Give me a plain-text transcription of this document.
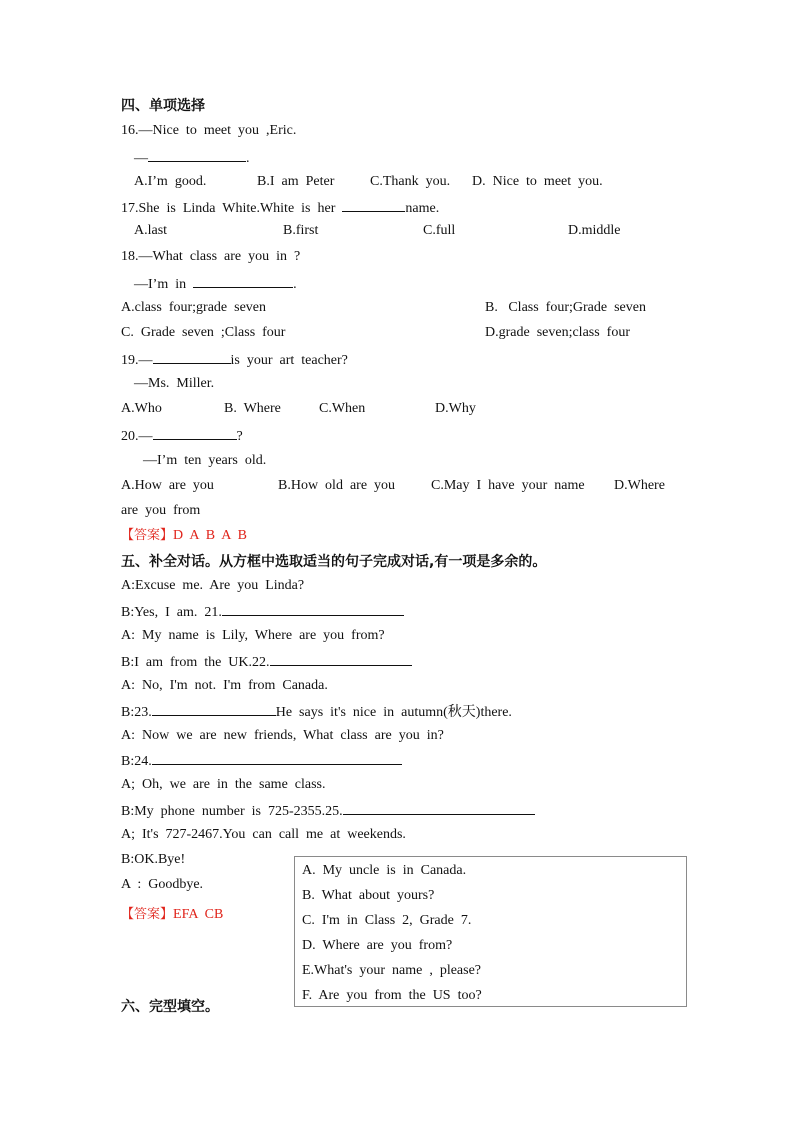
四、单项选择
16.—Nice  to  meet  you  ,Eric.
—	.
A.I’m  good.	B.I  am  Peter	C.Thank  you. D.  Nice  to  meet  you.
17.She  is  Linda  White.White  is  her	name.
A.last	B.first	C.full	D.middle
18.—What  class  are  you  in  ?
—I’m  in	.
A.class  four;grade  seven	B.   Class  four;Grade  seven
C.  Grade  seven  ;Class  four	D.grade  seven;class  four
19.—	is  your  art  teacher?
—Ms.  Miller.
A.Who	B.  Where	C.When	D.Why
20.—	?
—I’m  ten  years  old.
A.How  are  you	B.How  old  are  you	C.May  I  have  your  name D.Where
are  you  from
【答案】D  A  B  A  B
五、补全对话。从方框中选取适当的句子完成对话,有一项是多余的。
A:Excuse  me.  Are  you  Linda?
B:Yes,  I  am.  21.
A:  My  name  is  Lily,  Where  are  you  from?
B:I  am  from  the  UK.22.
A:  No,  I'm  not.  I'm  from  Canada.
B:23.	He  says  it's  nice  in  autumn(秋天)there.
A:  Now  we  are  new  friends,  What  class  are  you  in?
B:24.
A;  Oh,  we  are  in  the  same  class.
B:My  phone  number  is  725-2355.25.
A;  It's  727-2467.You  can  call  me  at  weekends.
B:OK.Bye!
A  :  Goodbye.
【答案】EFA  CB
A.  My  uncle  is  in  Canada.
B.  What  about  yours?
C.  I'm  in  Class  2,  Grade  7.
D.  Where  are  you  from?
E.What's  your  name  ,  please?
F.  Are  you  from  the  US  too?
六、完型填空。
